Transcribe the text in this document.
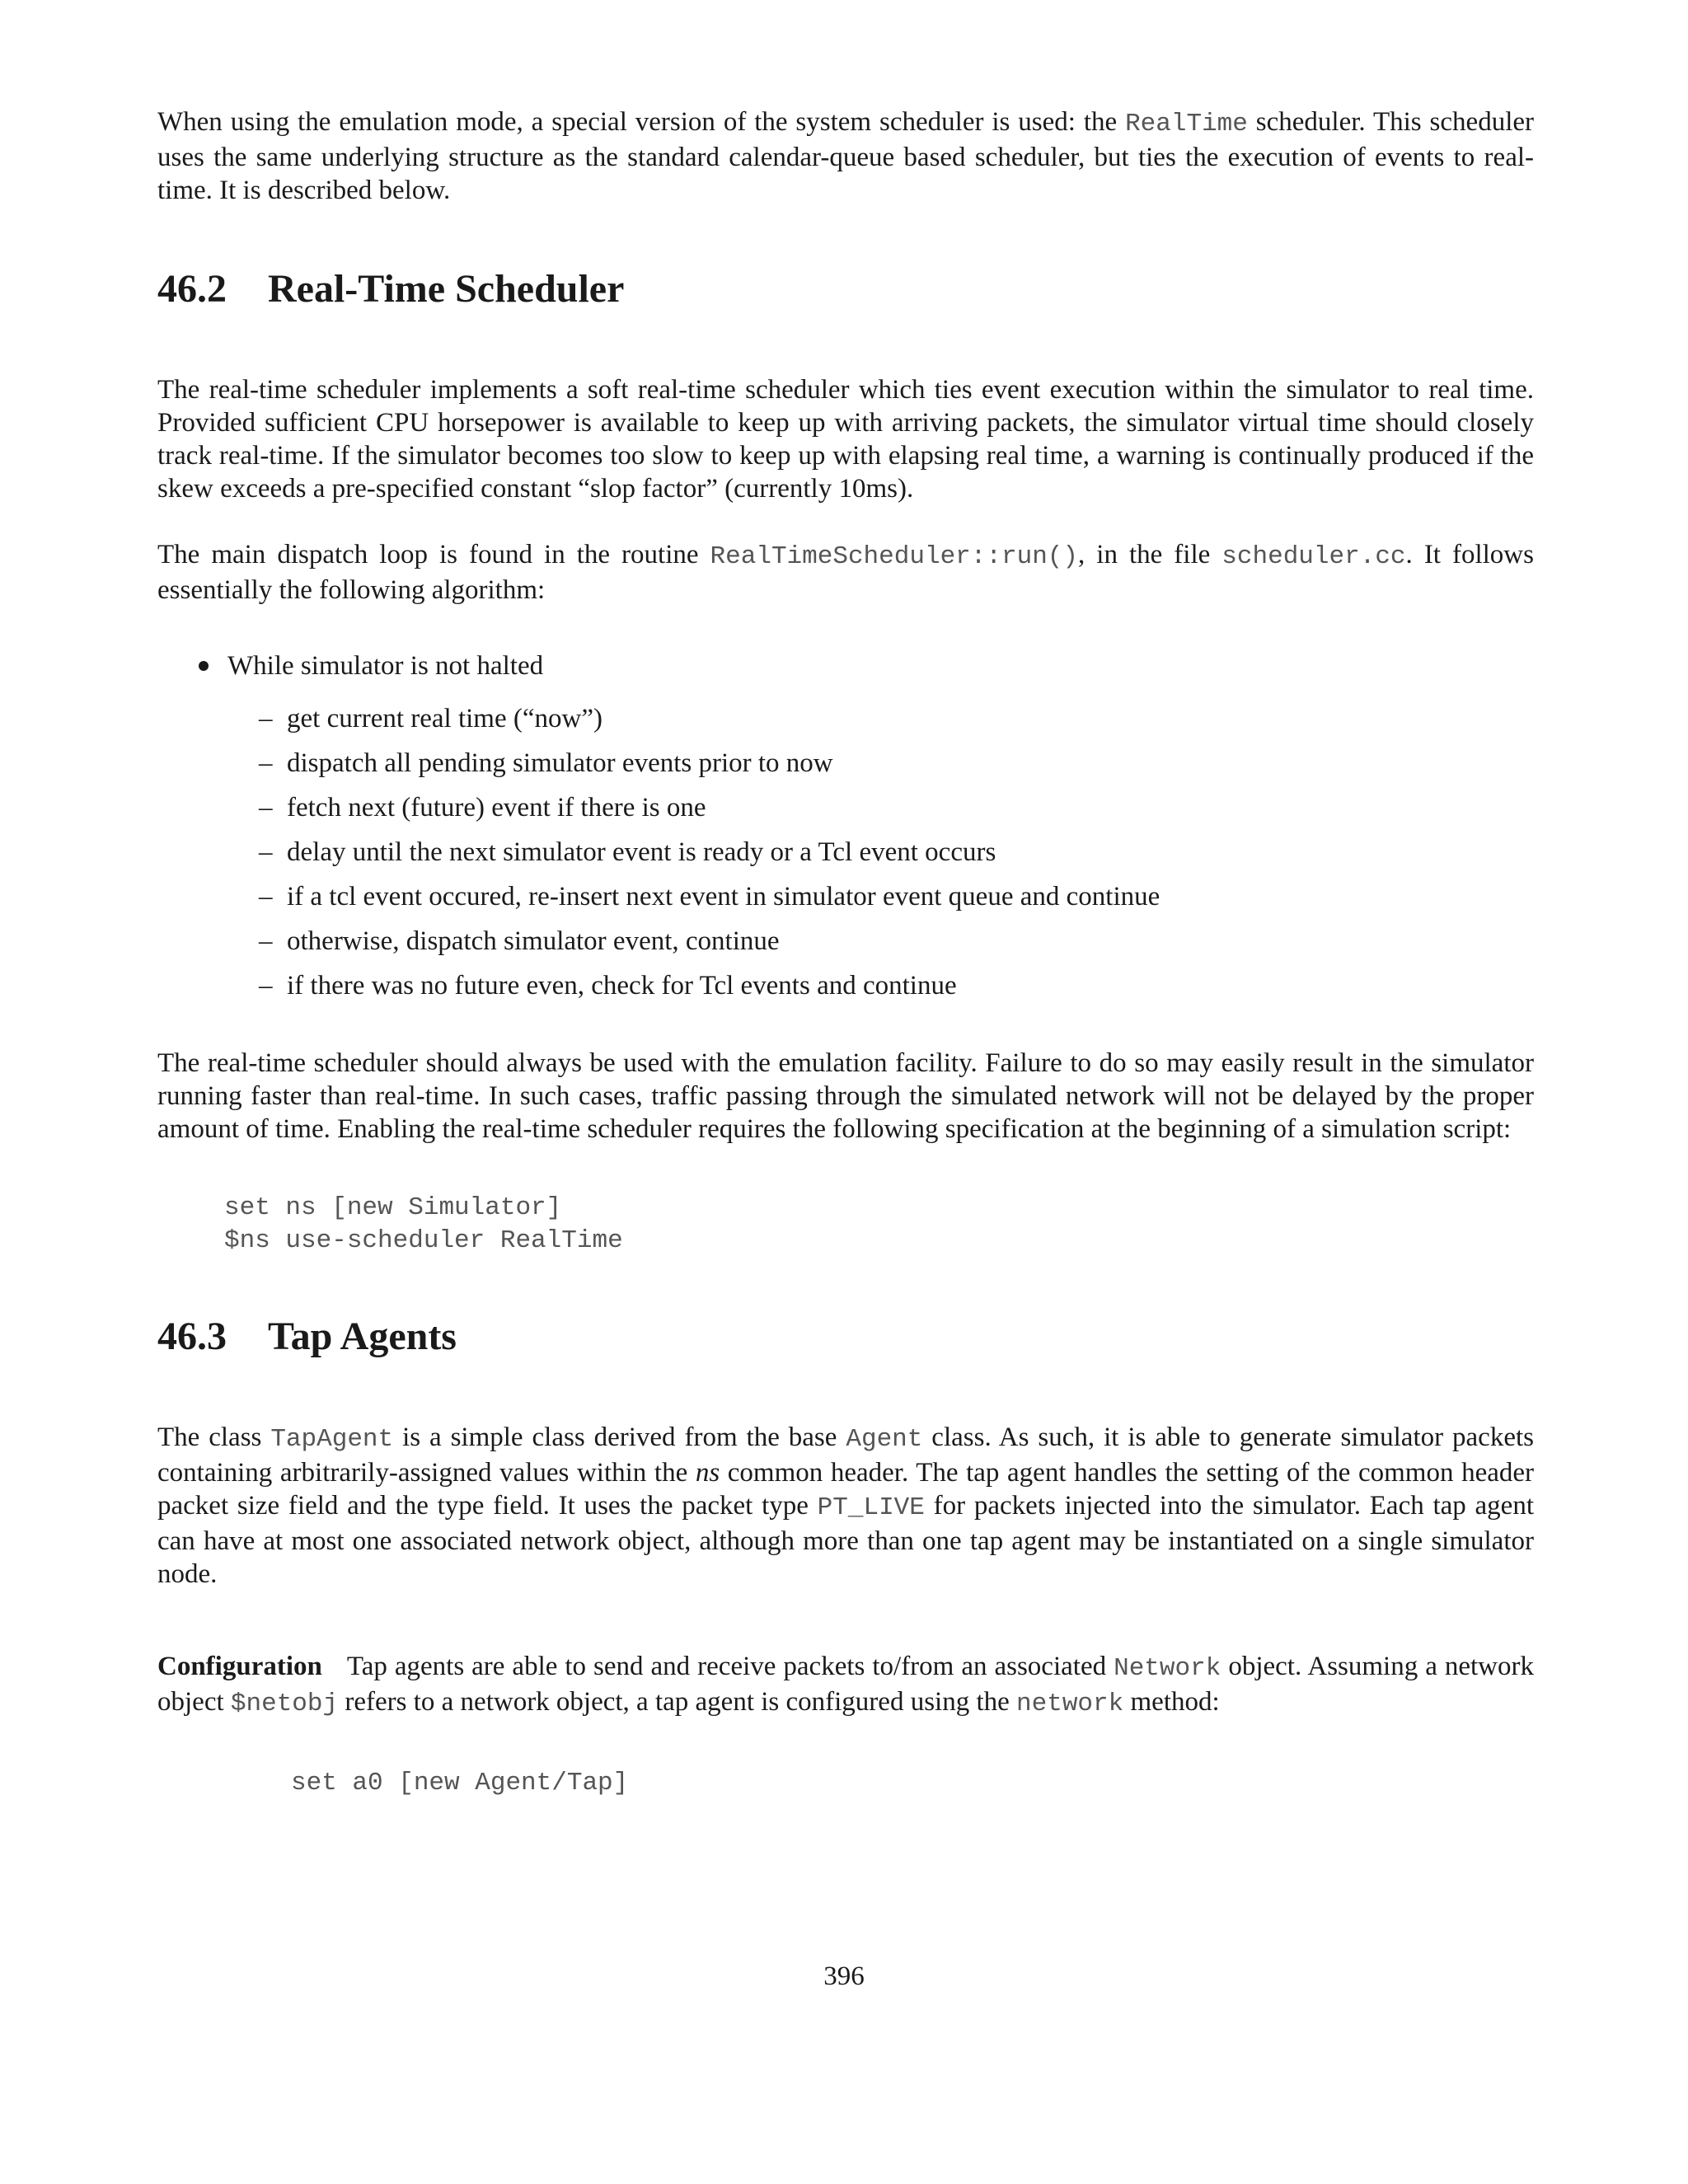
When using the emulation mode, a special version of the system scheduler is used: the RealTime scheduler. This scheduler uses the same underlying structure as the standard calendar-queue based scheduler, but ties the execution of events to real-time. It is described below.

46.2 Real-Time Scheduler

The real-time scheduler implements a soft real-time scheduler which ties event execution within the simulator to real time. Provided sufficient CPU horsepower is available to keep up with arriving packets, the simulator virtual time should closely track real-time. If the simulator becomes too slow to keep up with elapsing real time, a warning is continually produced if the skew exceeds a pre-specified constant “slop factor” (currently 10ms).

The main dispatch loop is found in the routine RealTimeScheduler::run(), in the file scheduler.cc. It follows essentially the following algorithm:

While simulator is not halted
– get current real time (“now”)
– dispatch all pending simulator events prior to now
– fetch next (future) event if there is one
– delay until the next simulator event is ready or a Tcl event occurs
– if a tcl event occured, re-insert next event in simulator event queue and continue
– otherwise, dispatch simulator event, continue
– if there was no future even, check for Tcl events and continue

The real-time scheduler should always be used with the emulation facility. Failure to do so may easily result in the simulator running faster than real-time. In such cases, traffic passing through the simulated network will not be delayed by the proper amount of time. Enabling the real-time scheduler requires the following specification at the beginning of a simulation script:

set ns [new Simulator]
$ns use-scheduler RealTime
46.3 Tap Agents

The class TapAgent is a simple class derived from the base Agent class. As such, it is able to generate simulator packets containing arbitrarily-assigned values within the ns common header. The tap agent handles the setting of the common header packet size field and the type field. It uses the packet type PT_LIVE for packets injected into the simulator. Each tap agent can have at most one associated network object, although more than one tap agent may be instantiated on a single simulator node.

Configuration Tap agents are able to send and receive packets to/from an associated Network object. Assuming a network object $netobj refers to a network object, a tap agent is configured using the network method:

set a0 [new Agent/Tap]
396
